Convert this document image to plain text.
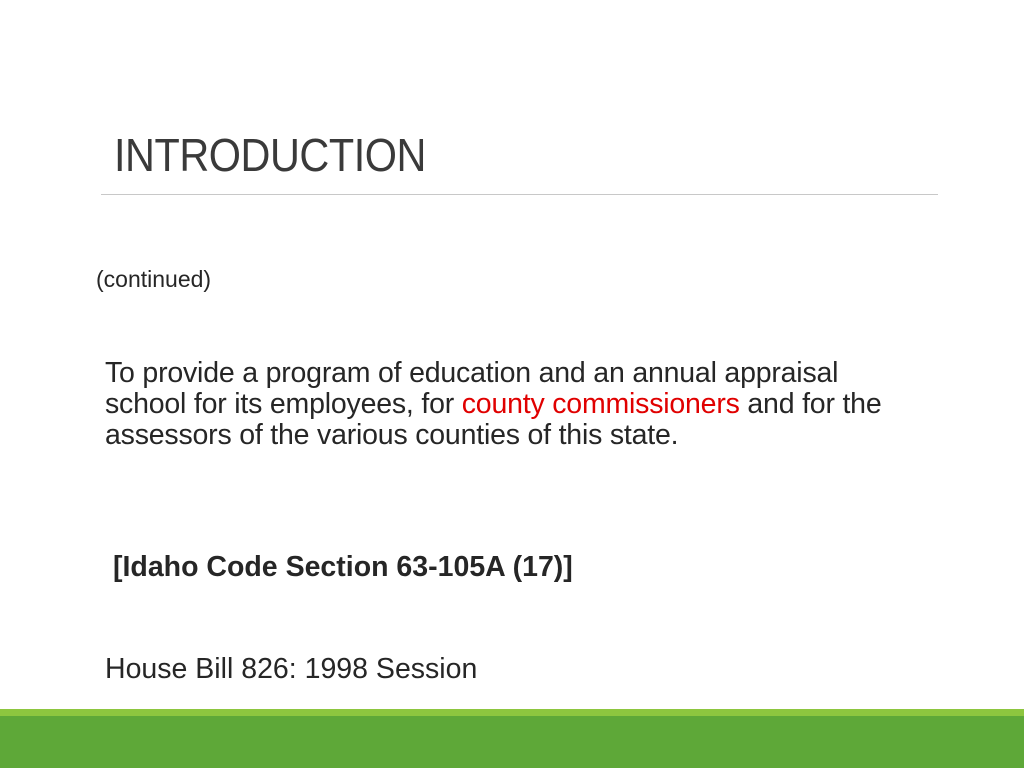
INTRODUCTION
(continued)
To provide a program of education and an annual appraisal school for its employees, for county commissioners and for the assessors of the various counties of this state.
[Idaho Code Section 63-105A (17)]
House Bill 826: 1998 Session
